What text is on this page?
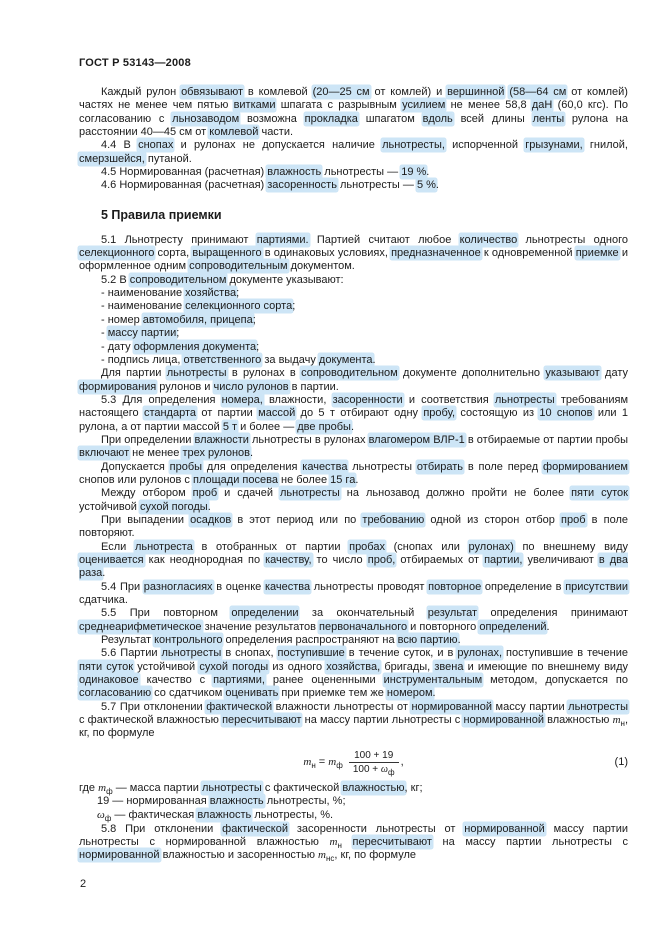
ГОСТ Р 53143—2008

Каждый рулон обвязывают в комлевой (20—25 см от комлей) и вершинной (58—64 см от комлей) частях не менее чем пятью витками шпагата с разрывным усилием не менее 58,8 даН (60,0 кгс). По согласованию с льнозаводом возможна прокладка шпагатом вдоль всей длины ленты рулона на расстоянии 40—45 см от комлевой части.

4.4 В снопах и рулонах не допускается наличие льнотресты, испорченной грызунами, гнилой, смерзшейся, путаной.

4.5 Нормированная (расчетная) влажность льнотресты — 19 %.

4.6 Нормированная (расчетная) засоренность льнотресты — 5 %.

5 Правила приемки

5.1 Льнотресту принимают партиями. Партией считают любое количество льнотресты одного селекционного сорта, выращенного в одинаковых условиях, предназначенное к одновременной приемке и оформленное одним сопроводительным документом.

5.2 В сопроводительном документе указывают:

- наименование хозяйства;

- наименование селекционного сорта;

- номер автомобиля, прицепа;

- массу партии;

- дату оформления документа;

- подпись лица, ответственного за выдачу документа.

Для партии льнотресты в рулонах в сопроводительном документе дополнительно указывают дату формирования рулонов и число рулонов в партии.

5.3 Для определения номера, влажности, засоренности и соответствия льнотресты требованиям настоящего стандарта от партии массой до 5 т отбирают одну пробу, состоящую из 10 снопов или 1 рулона, а от партии массой 5 т и более — две пробы.

При определении влажности льнотресты в рулонах влагомером ВЛР-1 в отбираемые от партии пробы включают не менее трех рулонов.

Допускается пробы для определения качества льнотресты отбирать в поле перед формированием снопов или рулонов с площади посева не более 15 га.

Между отбором проб и сдачей льнотресты на льнозавод должно пройти не более пяти суток устойчивой сухой погоды.

При выпадении осадков в этот период или по требованию одной из сторон отбор проб в поле повторяют.

Если льнотреста в отобранных от партии пробах (снопах или рулонах) по внешнему виду оценивается как неоднородная по качеству, то число проб, отбираемых от партии, увеличивают в два раза.

5.4 При разногласиях в оценке качества льнотресты проводят повторное определение в присутствии сдатчика.

5.5 При повторном определении за окончательный результат определения принимают среднеарифметическое значение результатов первоначального и повторного определений.

Результат контрольного определения распространяют на всю партию.

5.6 Партии льнотресты в снопах, поступившие в течение суток, и в рулонах, поступившие в течение пяти суток устойчивой сухой погоды из одного хозяйства, бригады, звена и имеющие по внешнему виду одинаковое качество с партиями, ранее оцененными инструментальным методом, допускается по согласованию со сдатчиком оценивать при приемке тем же номером.

5.7 При отклонении фактической влажности льнотресты от нормированной массу партии льнотресты с фактической влажностью пересчитывают на массу партии льнотресты с нормированной влажностью $m_н$, кг, по формуле

$m_н = m_ф \frac{100 + 19}{100 + \omega_ф}$ ,	(1)

где $m_ф$ — масса партии льнотресты с фактической влажностью, кг;

19 — нормированная влажность льнотресты, %;

$\omega_ф$ — фактическая влажность льнотресты, %.

5.8 При отклонении фактической засоренности льнотресты от нормированной массу партии льнотресты с нормированной влажностью $m_н$ пересчитывают на массу партии льнотресты с нормированной влажностью и засоренностью $m_{нс}$, кг, по формуле

2
